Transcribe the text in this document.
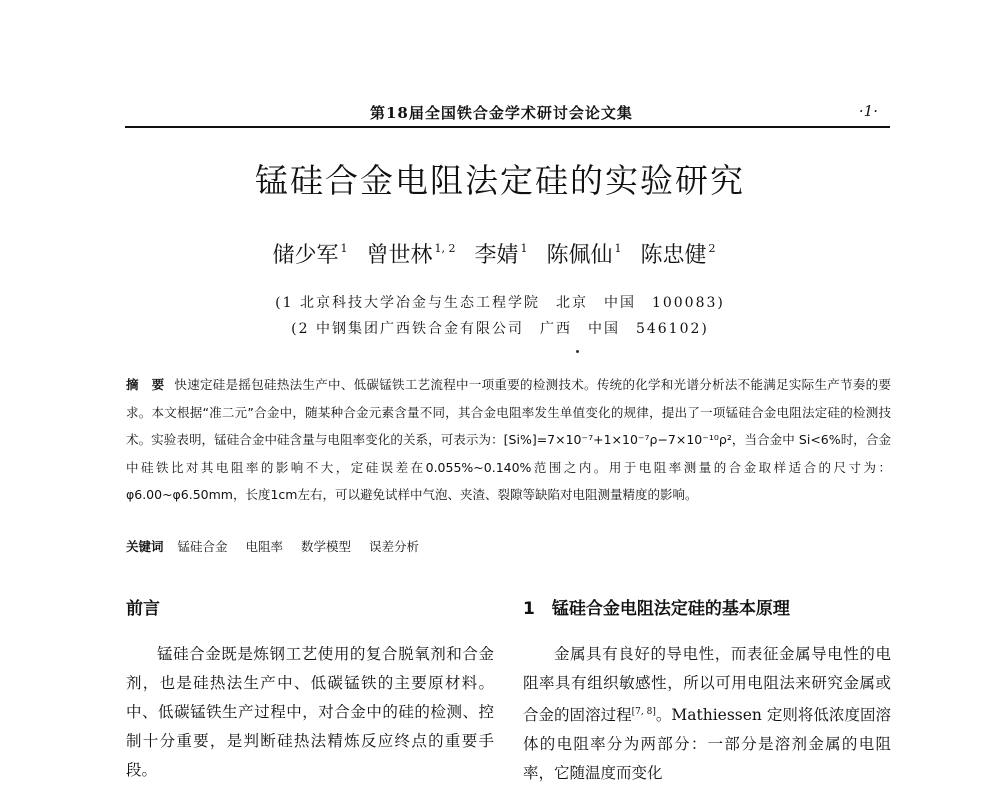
第18届全国铁合金学术研讨会论文集	·1·
锰硅合金电阻法定硅的实验研究
储少军 $^1$ 曾世林 $^{1, 2}$ 李婧 $^1$ 陈佩仙 $^1$ 陈忠健 $^2$
(1 北京科技大学冶金与生态工程学院　北京　中国　100083)
(2 中钢集团广西铁合金有限公司　广西　中国　546102)
摘　要 快速定硅是摇包硅热法生产中、低碳锰铁工艺流程中一项重要的检测技术。传统的化学和光谱分析法不能满足实际生产节奏的要求。本文根据“准二元”合金中，随某种合金元素含量不同，其合金电阻率发生单值变化的规律，提出了一项锰硅合金电阻法定硅的检测技术。实验表明，锰硅合金中硅含量与电阻率变化的关系，可表示为：[Si%]=7×10⁻⁷+1×10⁻⁷ρ−7×10⁻¹⁰ρ²，当合金中 Si<6%时，合金中硅铁比对其电阻率的影响不大，定硅误差在0.055%~0.140%范围之内。用于电阻率测量的合金取样适合的尺寸为：φ6.00~φ6.50mm，长度1cm左右，可以避免试样中气泡、夹渣、裂隙等缺陷对电阻测量精度的影响。
关键词 锰硅合金 电阻率 数学模型 误差分析
前言	1　锰硅合金电阻法定硅的基本原理

锰硅合金既是炼钢工艺使用的复合脱氧剂和合金剂，也是硅热法生产中、低碳锰铁的主要原材料。中、低碳锰铁生产过程中，对合金中的硅的检测、控制十分重要，是判断硅热法精炼反应终点的重要手段。

金属具有良好的导电性，而表征金属导电性的电阻率具有组织敏感性，所以可用电阻法来研究金属或合金的固溶过程[7, 8]。Mathiessen 定则将低浓度固溶体的电阻率分为两部分：一部分是溶剂金属的电阻率，它随温度而变化
